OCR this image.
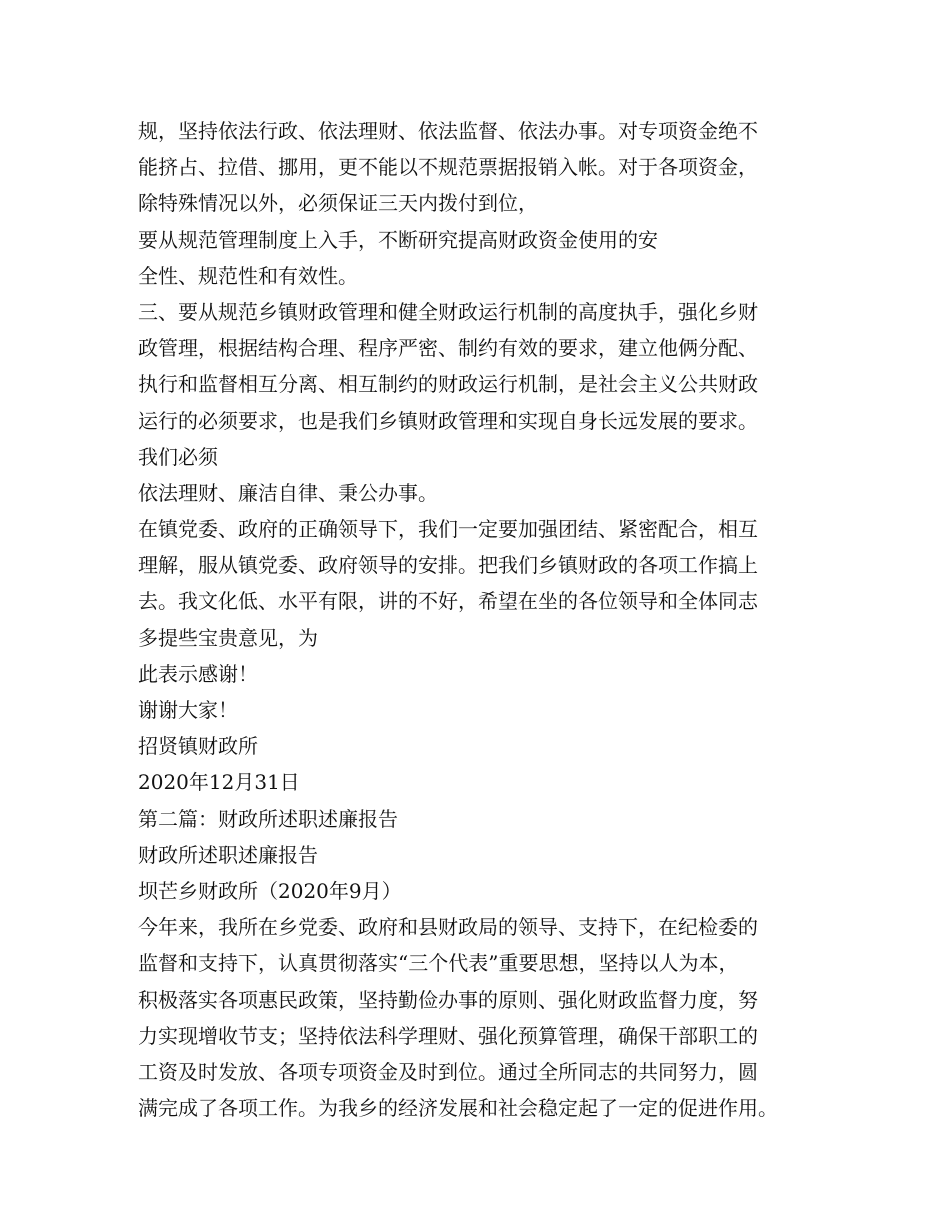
规，坚持依法行政、依法理财、依法监督、依法办事。对专项资金绝不
能挤占、拉借、挪用，更不能以不规范票据报销入帐。对于各项资金，
除特殊情况以外，必须保证三天内拨付到位，
要从规范管理制度上入手，不断研究提高财政资金使用的安
全性、规范性和有效性。
三、要从规范乡镇财政管理和健全财政运行机制的高度执手，强化乡财
政管理，根据结构合理、程序严密、制约有效的要求，建立他俩分配、
执行和监督相互分离、相互制约的财政运行机制，是社会主义公共财政
运行的必须要求，也是我们乡镇财政管理和实现自身长远发展的要求。
我们必须
依法理财、廉洁自律、秉公办事。
在镇党委、政府的正确领导下，我们一定要加强团结、紧密配合，相互
理解，服从镇党委、政府领导的安排。把我们乡镇财政的各项工作搞上
去。我文化低、水平有限，讲的不好，希望在坐的各位领导和全体同志
多提些宝贵意见，为
此表示感谢！
谢谢大家！
招贤镇财政所
2020年12月31日
第二篇：财政所述职述廉报告
财政所述职述廉报告
坝芒乡财政所（2020年9月）
今年来，我所在乡党委、政府和县财政局的领导、支持下，在纪检委的
监督和支持下，认真贯彻落实“三个代表”重要思想，坚持以人为本，
积极落实各项惠民政策，坚持勤俭办事的原则、强化财政监督力度，努
力实现增收节支；坚持依法科学理财、强化预算管理，确保干部职工的
工资及时发放、各项专项资金及时到位。通过全所同志的共同努力，圆
满完成了各项工作。为我乡的经济发展和社会稳定起了一定的促进作用。
